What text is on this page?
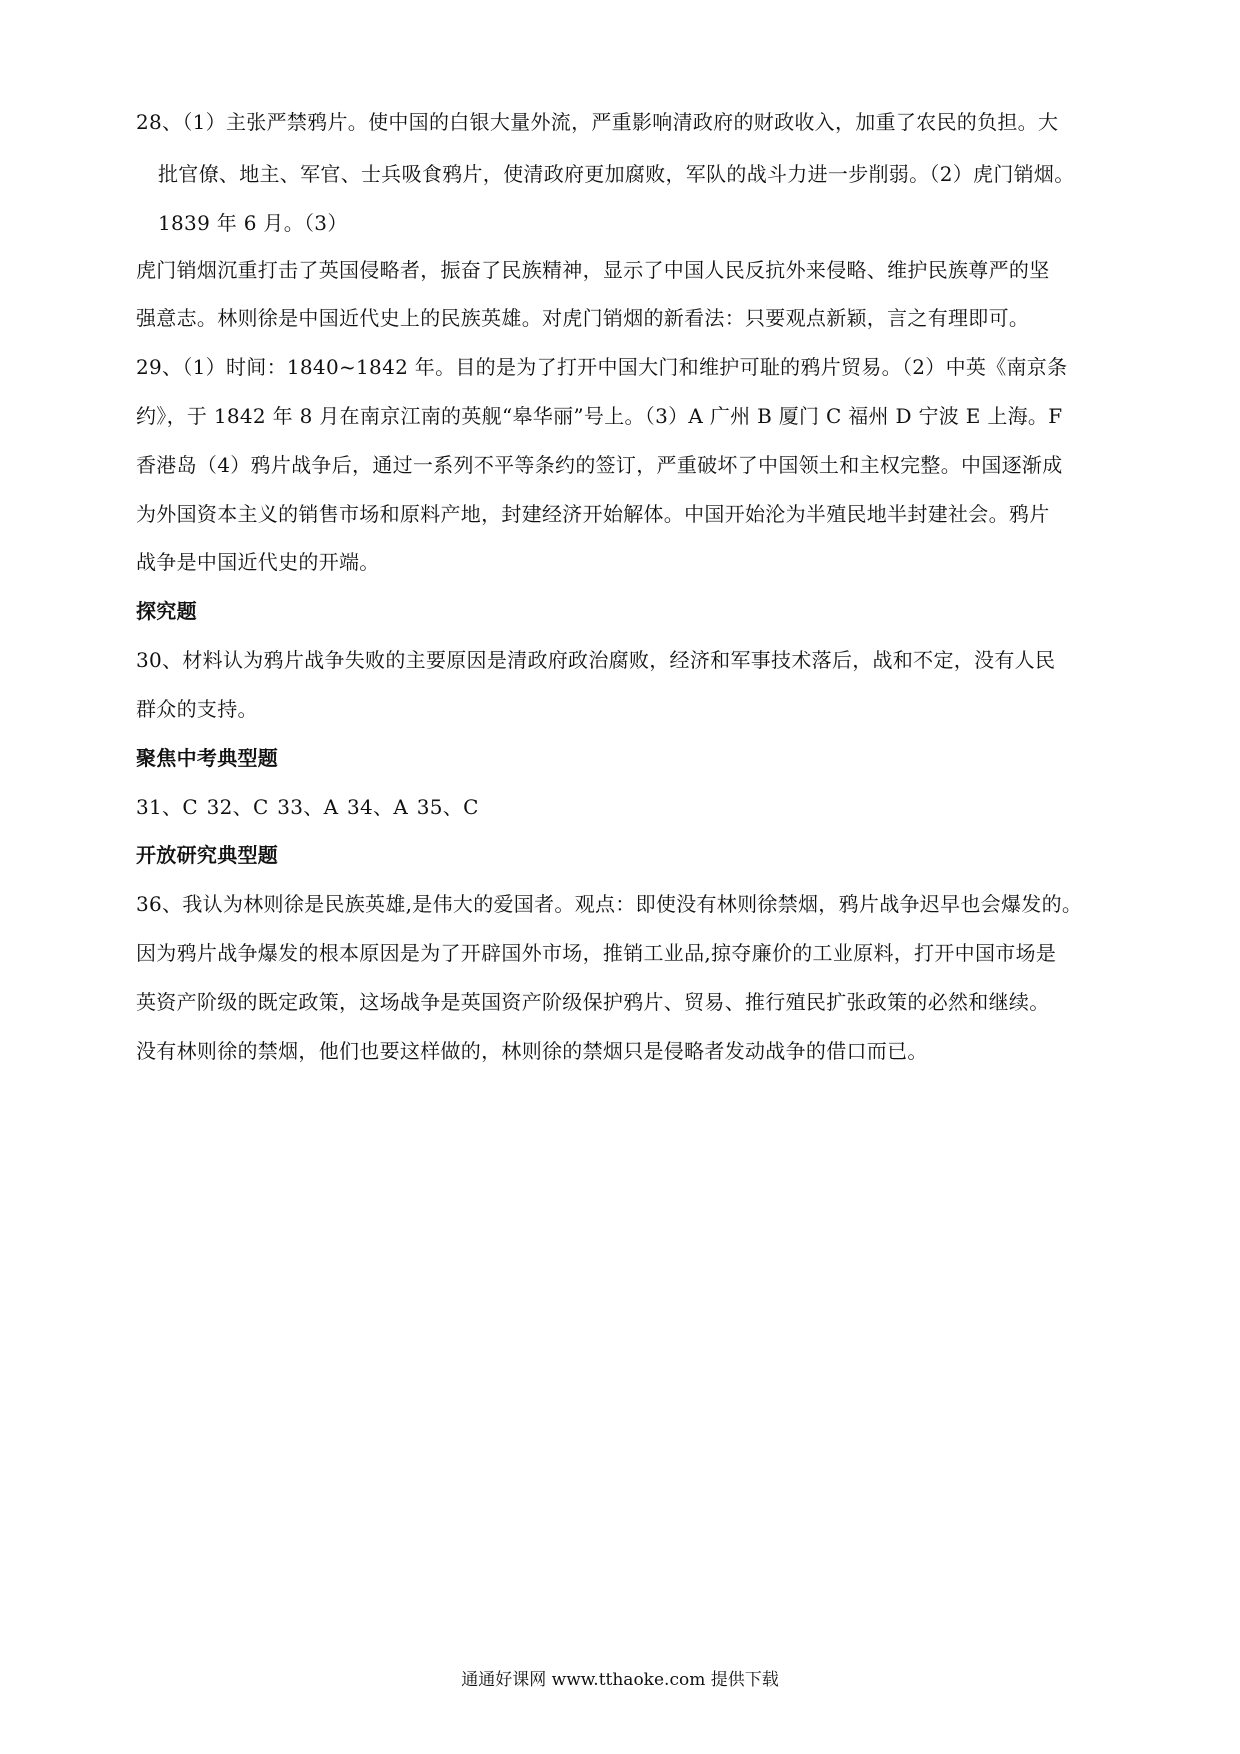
28、（1）主张严禁鸦片。使中国的白银大量外流，严重影响清政府的财政收入，加重了农民的负担。大
批官僚、地主、军官、士兵吸食鸦片，使清政府更加腐败，军队的战斗力进一步削弱。（2）虎门销烟。
1839 年 6 月。（3）
虎门销烟沉重打击了英国侵略者，振奋了民族精神，显示了中国人民反抗外来侵略、维护民族尊严的坚
强意志。林则徐是中国近代史上的民族英雄。对虎门销烟的新看法：只要观点新颖，言之有理即可。
29、（1）时间：1840~1842 年。目的是为了打开中国大门和维护可耻的鸦片贸易。（2）中英《南京条
约》，于 1842 年 8 月在南京江南的英舰“皋华丽”号上。（3）A 广州 B 厦门 C 福州 D 宁波 E 上海。F
香港岛（4）鸦片战争后，通过一系列不平等条约的签订，严重破坏了中国领土和主权完整。中国逐渐成
为外国资本主义的销售市场和原料产地，封建经济开始解体。中国开始沦为半殖民地半封建社会。鸦片
战争是中国近代史的开端。
探究题
30、材料认为鸦片战争失败的主要原因是清政府政治腐败，经济和军事技术落后，战和不定，没有人民
群众的支持。
聚焦中考典型题
31、C 32、C 33、A 34、A 35、C
开放研究典型题
36、我认为林则徐是民族英雄,是伟大的爱国者。观点：即使没有林则徐禁烟，鸦片战争迟早也会爆发的。
因为鸦片战争爆发的根本原因是为了开辟国外市场，推销工业品,掠夺廉价的工业原料，打开中国市场是
英资产阶级的既定政策，这场战争是英国资产阶级保护鸦片、贸易、推行殖民扩张政策的必然和继续。
没有林则徐的禁烟，他们也要这样做的，林则徐的禁烟只是侵略者发动战争的借口而已。
通通好课网 www.tthaoke.com 提供下载
